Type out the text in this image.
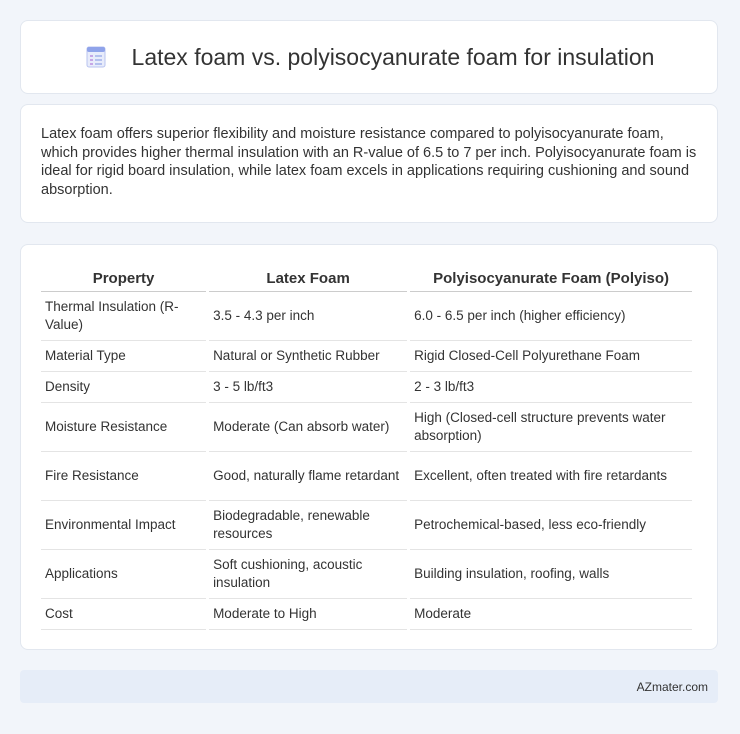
Latex foam vs. polyisocyanurate foam for insulation

Latex foam offers superior flexibility and moisture resistance compared to polyisocyanurate foam, which provides higher thermal insulation with an R-value of 6.5 to 7 per inch. Polyisocyanurate foam is ideal for rigid board insulation, while latex foam excels in applications requiring cushioning and sound absorption.

Property	Latex Foam	Polyisocyanurate Foam (Polyiso)
Thermal Insulation (R-Value)	3.5 - 4.3 per inch	6.0 - 6.5 per inch (higher efficiency)
Material Type	Natural or Synthetic Rubber	Rigid Closed-Cell Polyurethane Foam
Density	3 - 5 lb/ft3	2 - 3 lb/ft3
Moisture Resistance	Moderate (Can absorb water)	High (Closed-cell structure prevents water absorption)
Fire Resistance	Good, naturally flame retardant	Excellent, often treated with fire retardants
Environmental Impact	Biodegradable, renewable resources	Petrochemical-based, less eco-friendly
Applications	Soft cushioning, acoustic insulation	Building insulation, roofing, walls
Cost	Moderate to High	Moderate
AZmater.com
